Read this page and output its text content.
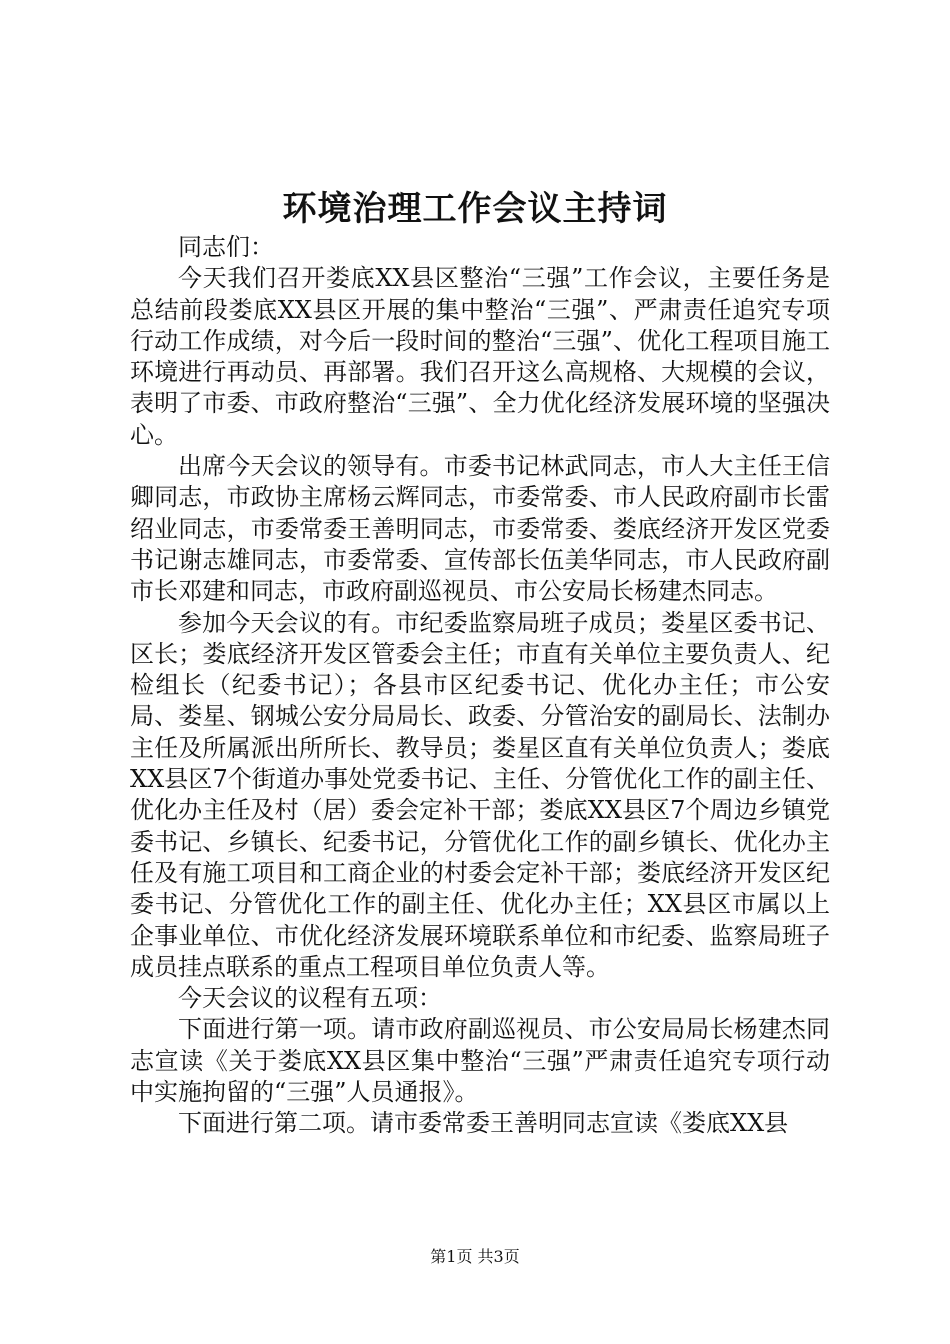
环境治理工作会议主持词

同志们：

今天我们召开娄底XX县区整治“三强”工作会议，主要任务是总结前段娄底XX县区开展的集中整治“三强”、严肃责任追究专项行动工作成绩，对今后一段时间的整治“三强”、优化工程项目施工环境进行再动员、再部署。我们召开这么高规格、大规模的会议，表明了市委、市政府整治“三强”、全力优化经济发展环境的坚强决心。

出席今天会议的领导有。市委书记林武同志，市人大主任王信卿同志，市政协主席杨云辉同志，市委常委、市人民政府副市长雷绍业同志，市委常委王善明同志，市委常委、娄底经济开发区党委书记谢志雄同志，市委常委、宣传部长伍美华同志，市人民政府副市长邓建和同志，市政府副巡视员、市公安局长杨建杰同志。

参加今天会议的有。市纪委监察局班子成员；娄星区委书记、区长；娄底经济开发区管委会主任；市直有关单位主要负责人、纪检组长（纪委书记）；各县市区纪委书记、优化办主任；市公安局、娄星、钢城公安分局局长、政委、分管治安的副局长、法制办主任及所属派出所所长、教导员；娄星区直有关单位负责人；娄底XX县区7个街道办事处党委书记、主任、分管优化工作的副主任、优化办主任及村（居）委会定补干部；娄底XX县区7个周边乡镇党委书记、乡镇长、纪委书记，分管优化工作的副乡镇长、优化办主任及有施工项目和工商企业的村委会定补干部；娄底经济开发区纪委书记、分管优化工作的副主任、优化办主任；XX县区市属以上企事业单位、市优化经济发展环境联系单位和市纪委、监察局班子成员挂点联系的重点工程项目单位负责人等。

今天会议的议程有五项：

下面进行第一项。请市政府副巡视员、市公安局局长杨建杰同志宣读《关于娄底XX县区集中整治“三强”严肃责任追究专项行动中实施拘留的“三强”人员通报》。

下面进行第二项。请市委常委王善明同志宣读《娄底XX县

第1页 共3页
